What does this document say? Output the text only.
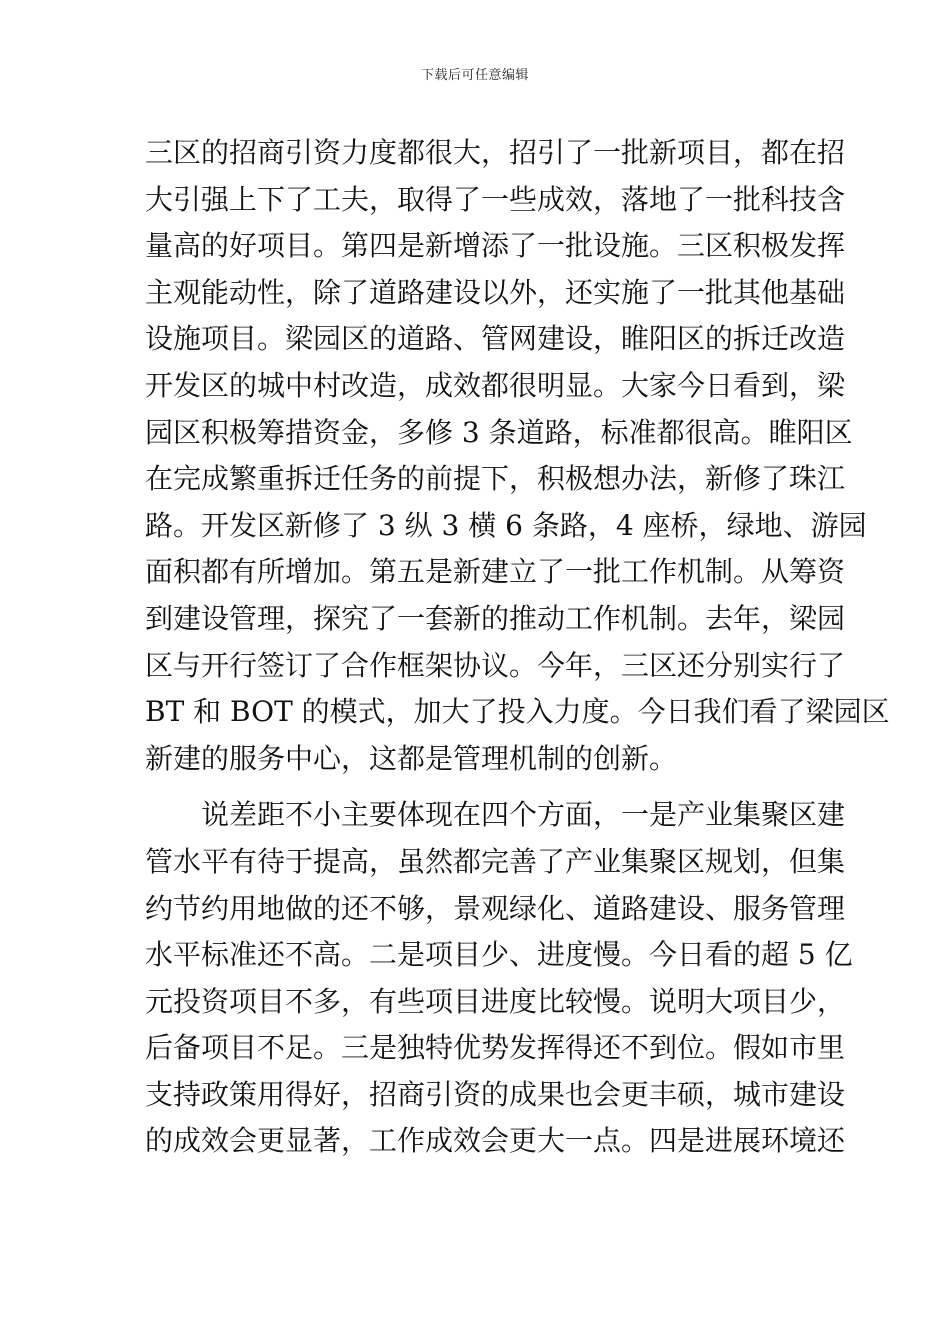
下载后可任意编辑
三区的招商引资力度都很大，招引了一批新项目，都在招
大引强上下了工夫，取得了一些成效，落地了一批科技含
量高的好项目。第四是新增添了一批设施。三区积极发挥
主观能动性，除了道路建设以外，还实施了一批其他基础
设施项目。梁园区的道路、管网建设，睢阳区的拆迁改造
开发区的城中村改造，成效都很明显。大家今日看到，梁
园区积极筹措资金，多修 3 条道路，标准都很高。睢阳区
在完成繁重拆迁任务的前提下，积极想办法，新修了珠江
路。开发区新修了 3 纵 3 横 6 条路，4 座桥，绿地、游园
面积都有所增加。第五是新建立了一批工作机制。从筹资
到建设管理，探究了一套新的推动工作机制。去年，梁园
区与开行签订了合作框架协议。今年，三区还分别实行了
BT 和 BOT 的模式，加大了投入力度。今日我们看了梁园区
新建的服务中心，这都是管理机制的创新。
说差距不小主要体现在四个方面，一是产业集聚区建
管水平有待于提高，虽然都完善了产业集聚区规划，但集
约节约用地做的还不够，景观绿化、道路建设、服务管理
水平标准还不高。二是项目少、进度慢。今日看的超 5 亿
元投资项目不多，有些项目进度比较慢。说明大项目少，
后备项目不足。三是独特优势发挥得还不到位。假如市里
支持政策用得好，招商引资的成果也会更丰硕，城市建设
的成效会更显著，工作成效会更大一点。四是进展环境还
